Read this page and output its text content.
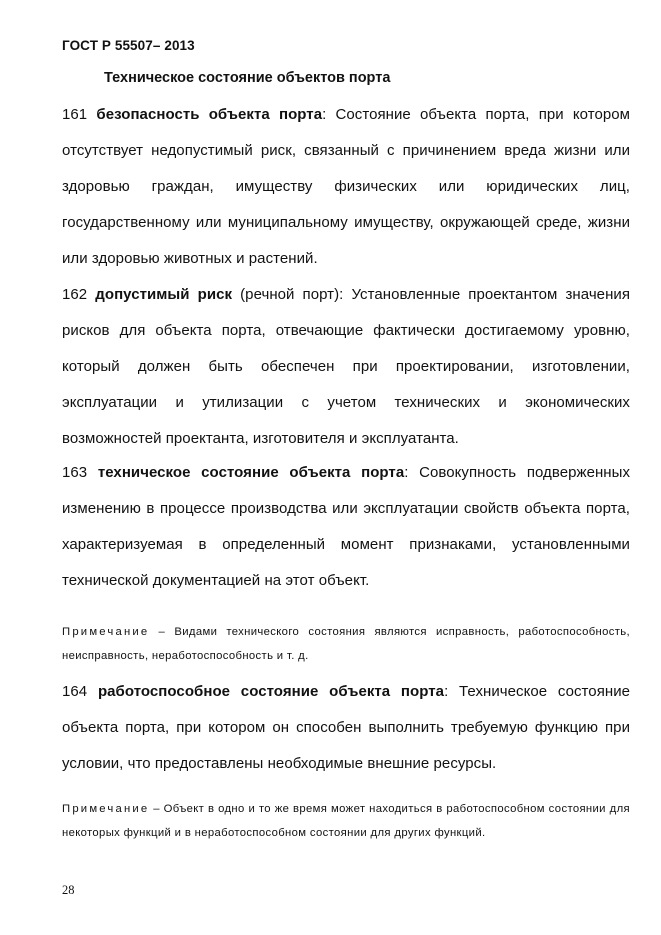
ГОСТ Р 55507– 2013
Техническое состояние объектов порта
161 безопасность объекта порта: Состояние объекта порта, при котором отсутствует недопустимый риск, связанный с причинением вреда жизни или здоровью граждан, имуществу физических или юридических лиц, государственному или муниципальному имуществу, окружающей среде, жизни или здоровью животных и растений.
162 допустимый риск (речной порт): Установленные проектантом значения рисков для объекта порта, отвечающие фактически достигаемому уровню, который должен быть обеспечен при проектировании, изготовлении, эксплуатации и утилизации с учетом технических и экономических возможностей проектанта, изготовителя и эксплуатанта.
163 техническое состояние объекта порта: Совокупность подверженных изменению в процессе производства или эксплуатации свойств объекта порта, характеризуемая в определенный момент признаками, установленными технической документацией на этот объект.
Примечание – Видами технического состояния являются исправность, работоспособность, неисправность, неработоспособность и т. д.
164 работоспособное состояние объекта порта: Техническое состояние объекта порта, при котором он способен выполнить требуемую функцию при условии, что предоставлены необходимые внешние ресурсы.
Примечание – Объект в одно и то же время может находиться в работоспособном состоянии для некоторых функций и в неработоспособном состоянии для других функций.
28
